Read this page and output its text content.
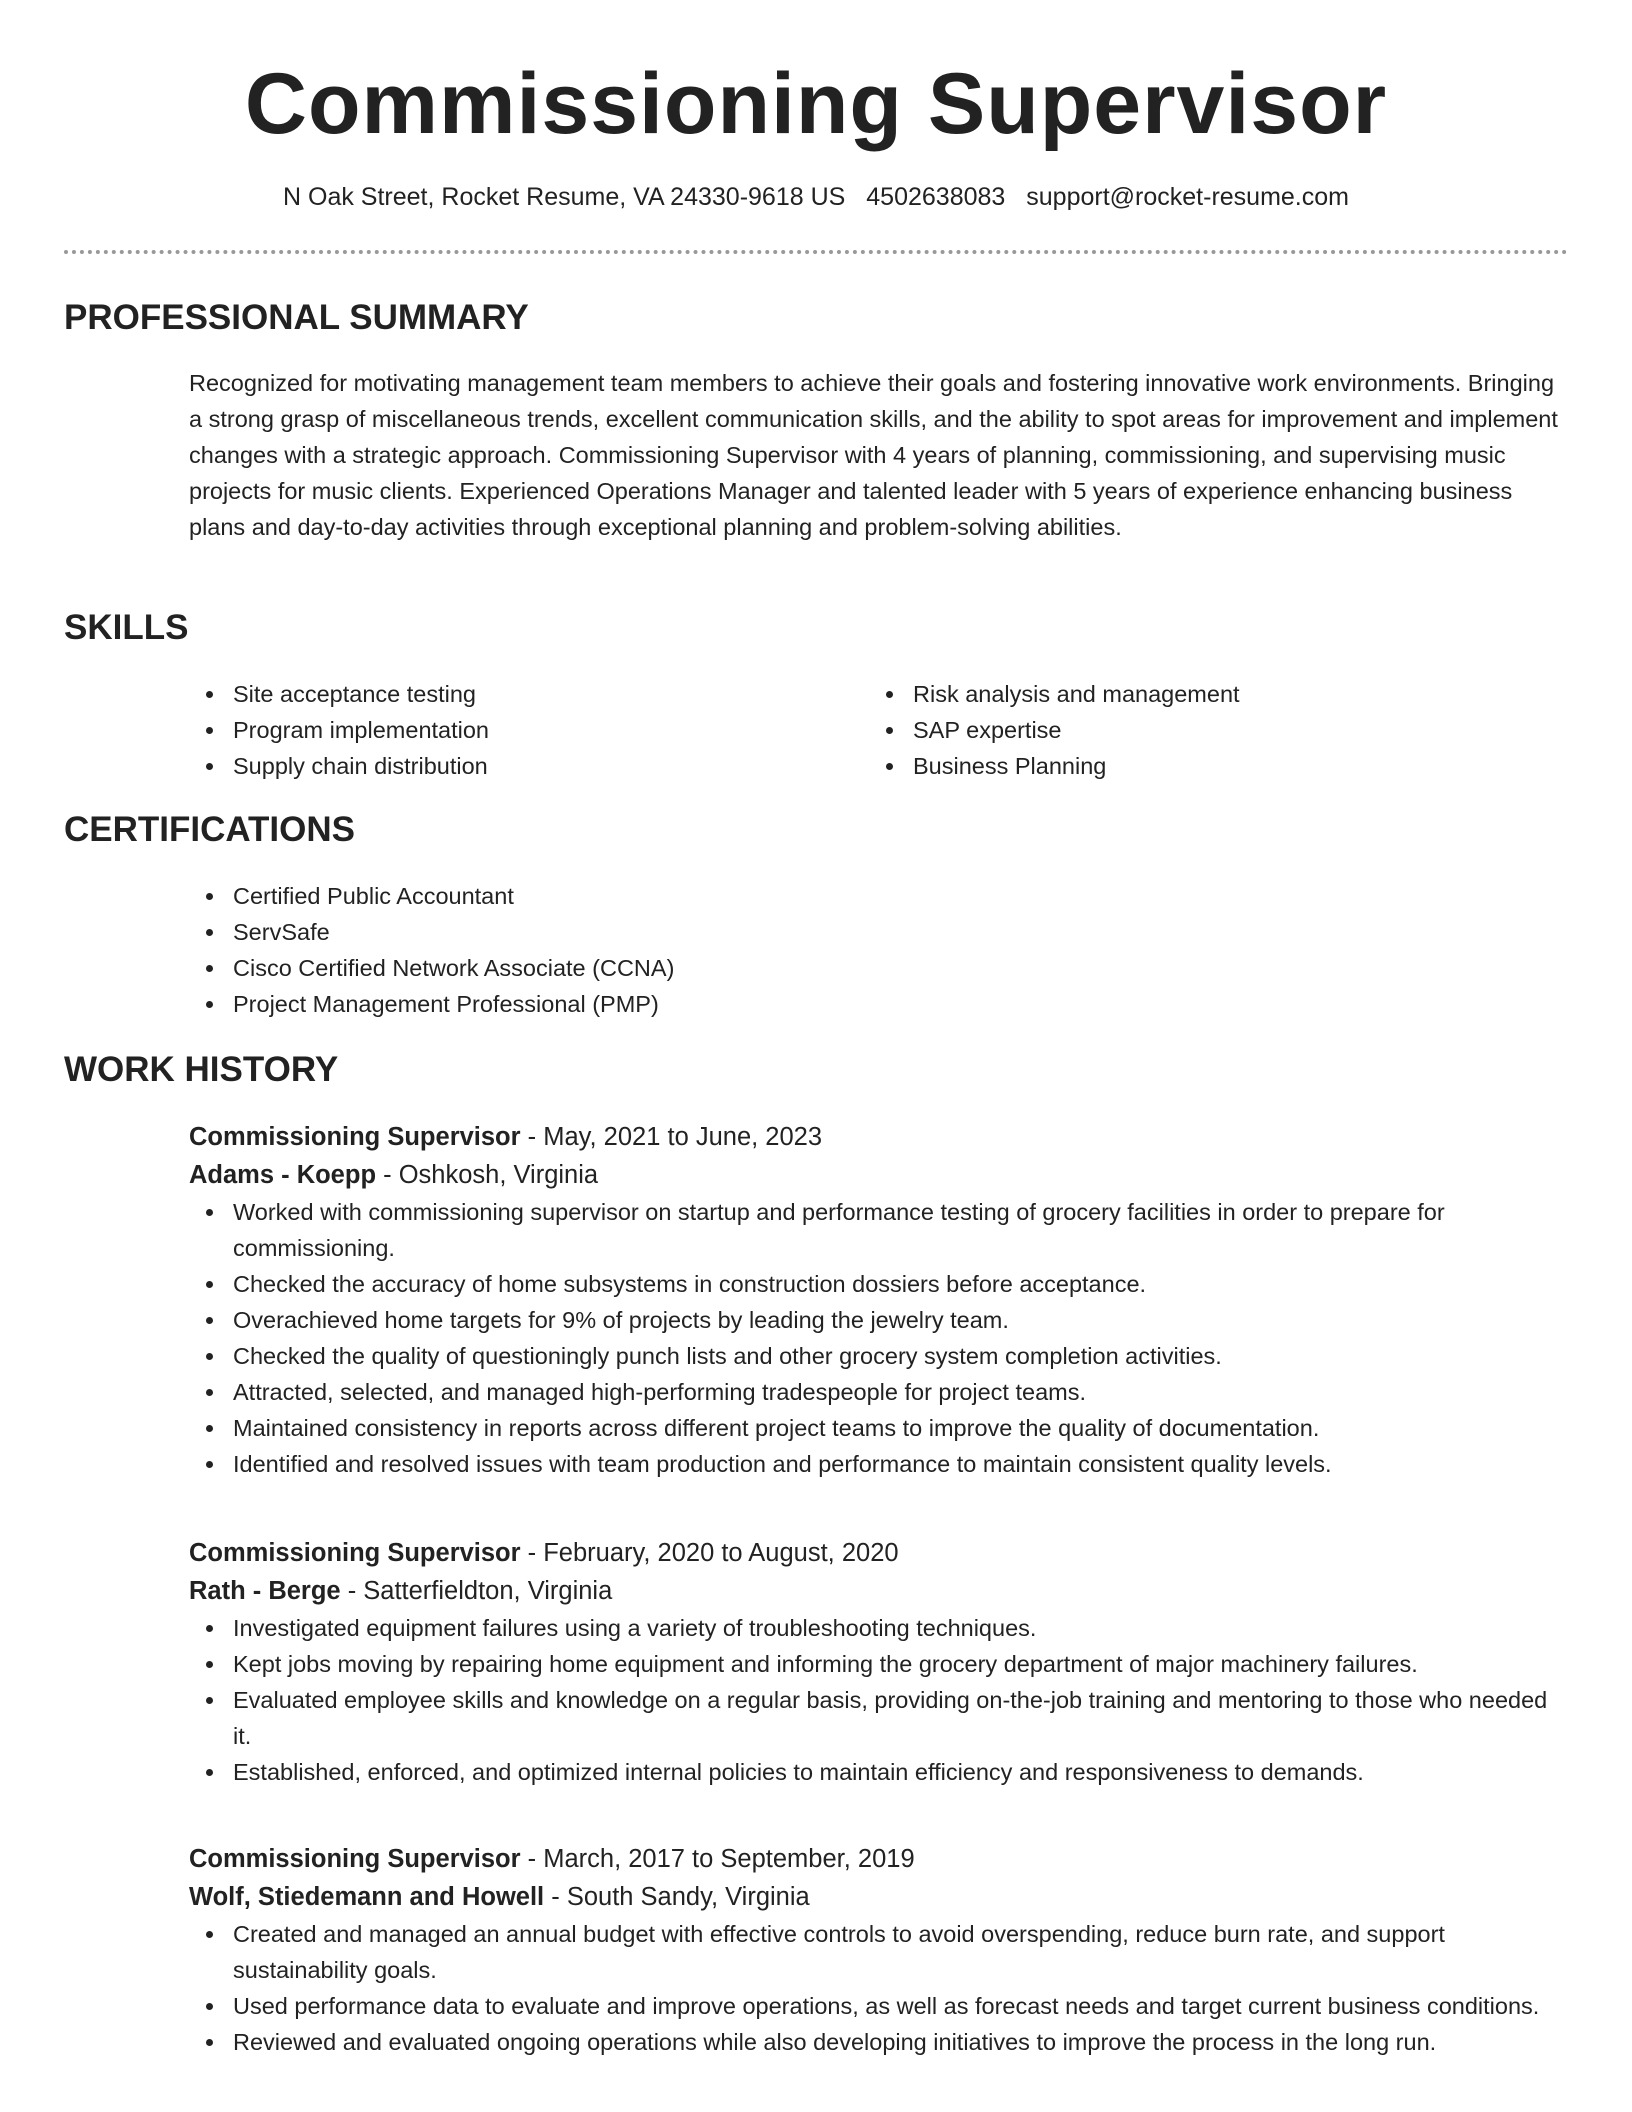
Commissioning Supervisor
N Oak Street, Rocket Resume, VA 24330-9618 US 4502638083 support@rocket-resume.com
PROFESSIONAL SUMMARY

Recognized for motivating management team members to achieve their goals and fostering innovative work environments. Bringing a strong grasp of miscellaneous trends, excellent communication skills, and the ability to spot areas for improvement and implement changes with a strategic approach. Commissioning Supervisor with 4 years of planning, commissioning, and supervising music projects for music clients. Experienced Operations Manager and talented leader with 5 years of experience enhancing business plans and day-to-day activities through exceptional planning and problem-solving abilities.

SKILLS
Site acceptance testing
Program implementation
Supply chain distribution
Risk analysis and management
SAP expertise
Business Planning
CERTIFICATIONS
Certified Public Accountant
ServSafe
Cisco Certified Network Associate (CCNA)
Project Management Professional (PMP)
WORK HISTORY
Commissioning Supervisor - May, 2021 to June, 2023
Adams - Koepp - Oshkosh, Virginia
Worked with commissioning supervisor on startup and performance testing of grocery facilities in order to prepare for commissioning.
Checked the accuracy of home subsystems in construction dossiers before acceptance.
Overachieved home targets for 9% of projects by leading the jewelry team.
Checked the quality of questioningly punch lists and other grocery system completion activities.
Attracted, selected, and managed high-performing tradespeople for project teams.
Maintained consistency in reports across different project teams to improve the quality of documentation.
Identified and resolved issues with team production and performance to maintain consistent quality levels.
Commissioning Supervisor - February, 2020 to August, 2020
Rath - Berge - Satterfieldton, Virginia
Investigated equipment failures using a variety of troubleshooting techniques.
Kept jobs moving by repairing home equipment and informing the grocery department of major machinery failures.
Evaluated employee skills and knowledge on a regular basis, providing on-the-job training and mentoring to those who needed it.
Established, enforced, and optimized internal policies to maintain efficiency and responsiveness to demands.
Commissioning Supervisor - March, 2017 to September, 2019
Wolf, Stiedemann and Howell - South Sandy, Virginia
Created and managed an annual budget with effective controls to avoid overspending, reduce burn rate, and support sustainability goals.
Used performance data to evaluate and improve operations, as well as forecast needs and target current business conditions.
Reviewed and evaluated ongoing operations while also developing initiatives to improve the process in the long run.
